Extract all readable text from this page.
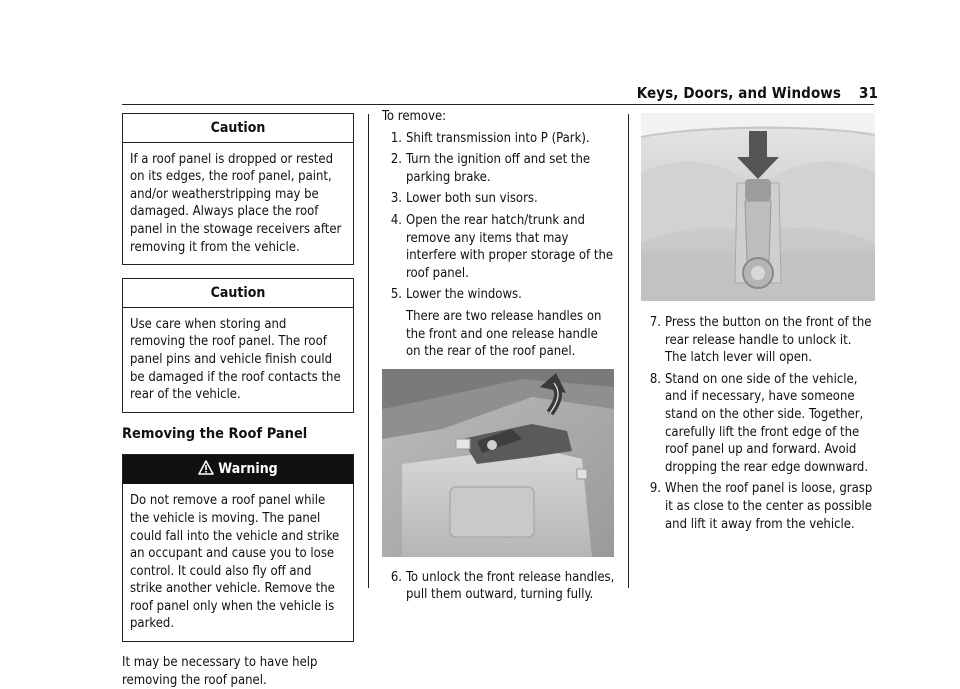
Keys, Doors, and Windows 31
Caution
If a roof panel is dropped or rested on its edges, the roof panel, paint, and/or weatherstripping may be damaged. Always place the roof panel in the stowage receivers after removing it from the vehicle.
Caution
Use care when storing and removing the roof panel. The roof panel pins and vehicle finish could be damaged if the roof contacts the rear of the vehicle.
Removing the Roof Panel
Warning
Do not remove a roof panel while the vehicle is moving. The panel could fall into the vehicle and strike an occupant and cause you to lose control. It could also fly off and strike another vehicle. Remove the roof panel only when the vehicle is parked.

It may be necessary to have help removing the roof panel.

To remove:

1. Shift transmission into P (Park).
2. Turn the ignition off and set the parking brake.
3. Lower both sun visors.
4. Open the rear hatch/trunk and remove any items that may interfere with proper storage of the roof panel.
5. Lower the windows.

There are two release handles on the front and one release handle on the rear of the roof panel.

6. To unlock the front release handles, pull them outward, turning fully.
7. Press the button on the front of the rear release handle to unlock it. The latch lever will open.
8. Stand on one side of the vehicle, and if necessary, have someone stand on the other side. Together, carefully lift the front edge of the roof panel up and forward. Avoid dropping the rear edge downward.
9. When the roof panel is loose, grasp it as close to the center as possible and lift it away from the vehicle.
